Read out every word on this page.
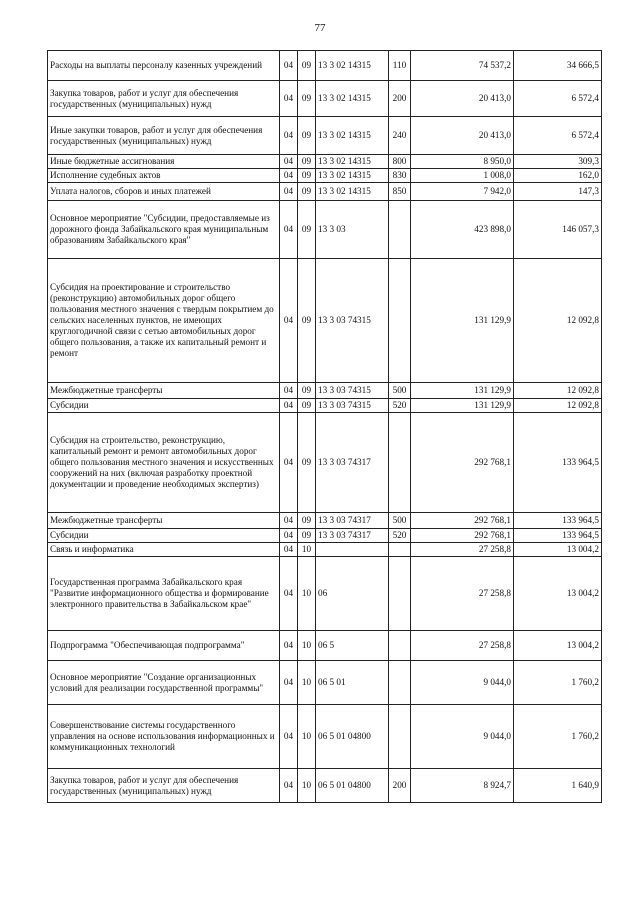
77
Расходы на выплаты персоналу казенных учреждений	04	09	13 3 02 14315	110	74 537,2	34 666,5
Закупка товаров, работ и услуг для обеспечения государственных (муниципальных) нужд	04	09	13 3 02 14315	200	20 413,0	6 572,4
Иные закупки товаров, работ и услуг для обеспечения государственных (муниципальных) нужд	04	09	13 3 02 14315	240	20 413,0	6 572,4
Иные бюджетные ассигнования	04	09	13 3 02 14315	800	8 950,0	309,3
Исполнение судебных актов	04	09	13 3 02 14315	830	1 008,0	162,0
Уплата налогов, сборов и иных платежей	04	09	13 3 02 14315	850	7 942,0	147,3
Основное мероприятие "Субсидии, предоставляемые из дорожного фонда Забайкальского края муниципальным образованиям Забайкальского края"	04	09	13 3 03		423 898,0	146 057,3
Субсидия на проектирование и строительство (реконструкцию) автомобильных дорог общего пользования местного значения с твердым покрытием до сельских населенных пунктов, не имеющих круглогодичной связи с сетью автомобильных дорог общего пользования, а также их капитальный ремонт и ремонт	04	09	13 3 03 74315		131 129,9	12 092,8
Межбюджетные трансферты	04	09	13 3 03 74315	500	131 129,9	12 092,8
Субсидии	04	09	13 3 03 74315	520	131 129,9	12 092,8
Субсидия на строительство, реконструкцию, капитальный ремонт и ремонт автомобильных дорог общего пользования местного значения и искусственных сооружений на них (включая разработку проектной документации и проведение необходимых экспертиз)	04	09	13 3 03 74317		292 768,1	133 964,5
Межбюджетные трансферты	04	09	13 3 03 74317	500	292 768,1	133 964,5
Субсидии	04	09	13 3 03 74317	520	292 768,1	133 964,5
Связь и информатика	04	10			27 258,8	13 004,2
Государственная программа Забайкальского края "Развитие информационного общества и формирование электронного правительства в Забайкальском крае"	04	10	06		27 258,8	13 004,2
Подпрограмма "Обеспечивающая подпрограмма"	04	10	06 5		27 258,8	13 004,2
Основное мероприятие "Создание организационных условий для реализации государственной программы"	04	10	06 5 01		9 044,0	1 760,2
Совершенствование системы государственного управления на основе использования информационных и коммуникационных технологий	04	10	06 5 01 04800		9 044,0	1 760,2
Закупка товаров, работ и услуг для обеспечения государственных (муниципальных) нужд	04	10	06 5 01 04800	200	8 924,7	1 640,9
